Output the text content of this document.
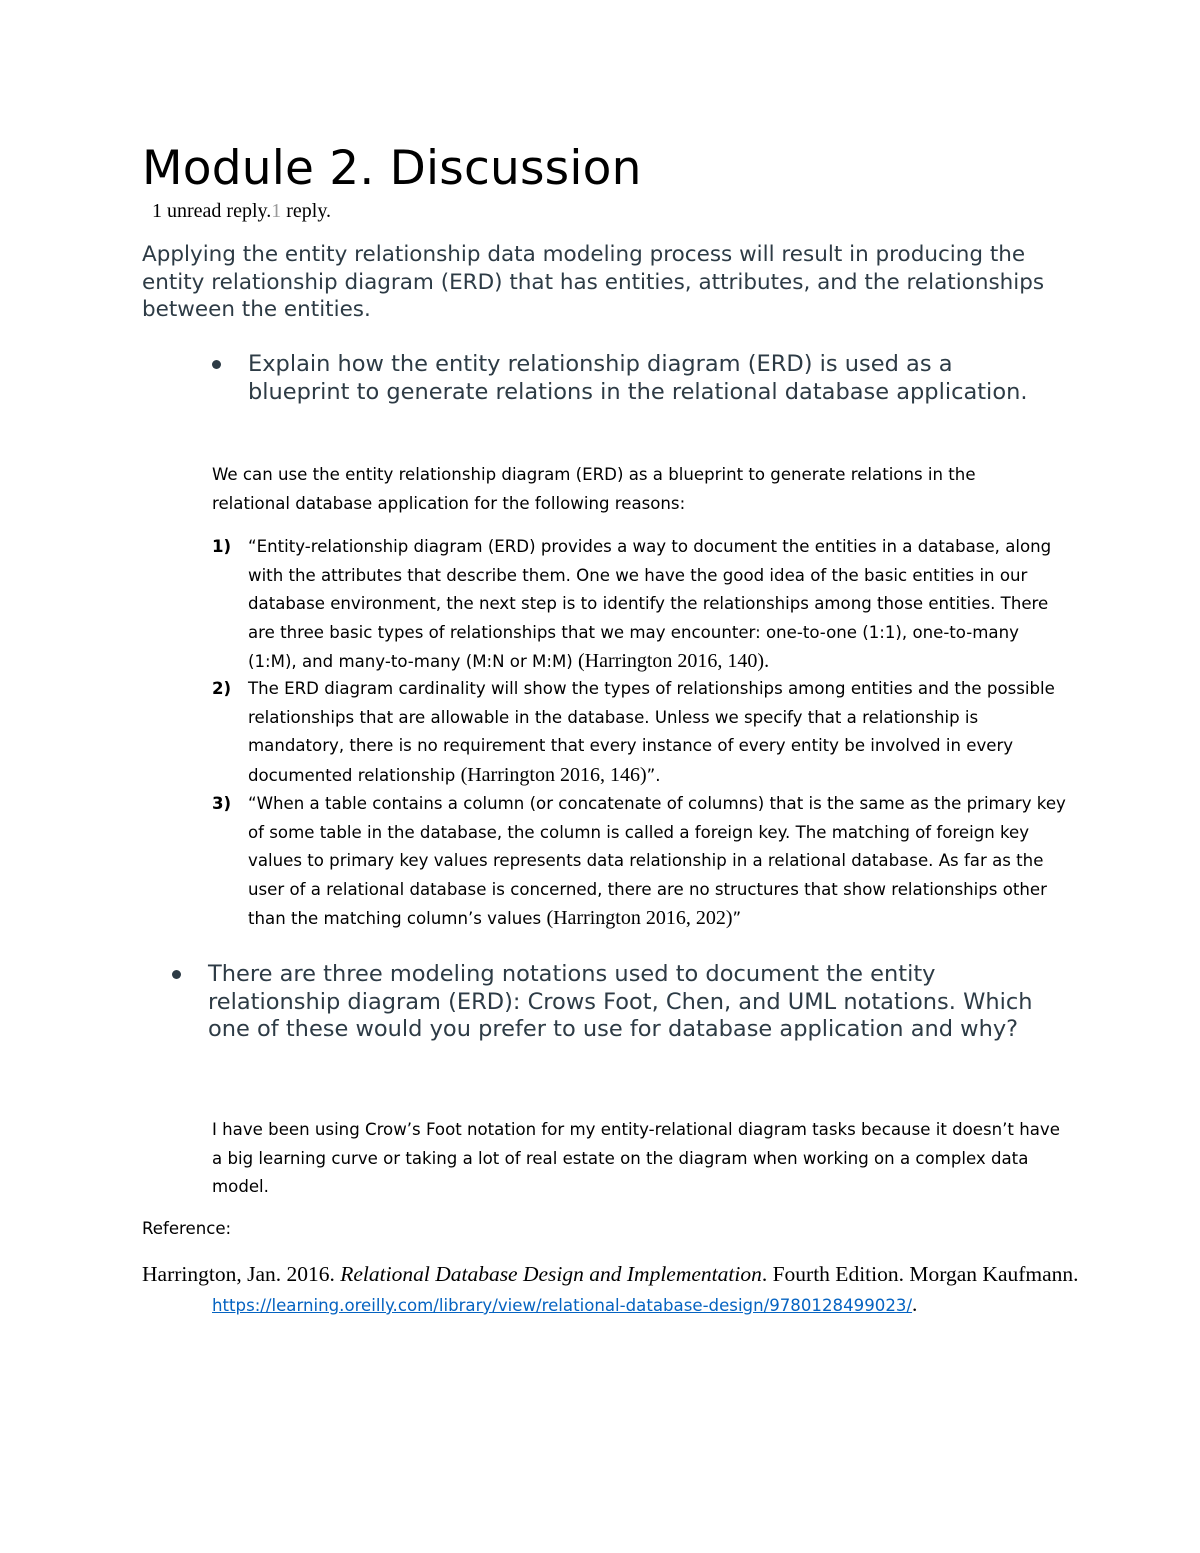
Module 2. Discussion
1 unread reply.1 reply.
Applying the entity relationship data modeling process will result in producing the entity relationship diagram (ERD) that has entities, attributes, and the relationships between the entities.
Explain how the entity relationship diagram (ERD) is used as a blueprint to generate relations in the relational database application.
We can use the entity relationship diagram (ERD) as a blueprint to generate relations in the relational database application for the following reasons:
1) “Entity-relationship diagram (ERD) provides a way to document the entities in a database, along with the attributes that describe them. One we have the good idea of the basic entities in our database environment, the next step is to identify the relationships among those entities. There are three basic types of relationships that we may encounter: one-to-one (1:1), one-to-many (1:M), and many-to-many (M:N or M:M) (Harrington 2016, 140).
2) The ERD diagram cardinality will show the types of relationships among entities and the possible relationships that are allowable in the database. Unless we specify that a relationship is mandatory, there is no requirement that every instance of every entity be involved in every documented relationship (Harrington 2016, 146)”.
3) “When a table contains a column (or concatenate of columns) that is the same as the primary key of some table in the database, the column is called a foreign key. The matching of foreign key values to primary key values represents data relationship in a relational database. As far as the user of a relational database is concerned, there are no structures that show relationships other than the matching column’s values (Harrington 2016, 202)”
There are three modeling notations used to document the entity relationship diagram (ERD): Crows Foot, Chen, and UML notations. Which one of these would you prefer to use for database application and why?
I have been using Crow’s Foot notation for my entity-relational diagram tasks because it doesn’t have a big learning curve or taking a lot of real estate on the diagram when working on a complex data model.
Reference:
Harrington, Jan. 2016. Relational Database Design and Implementation. Fourth Edition. Morgan Kaufmann. https://learning.oreilly.com/library/view/relational-database-design/9780128499023/.
